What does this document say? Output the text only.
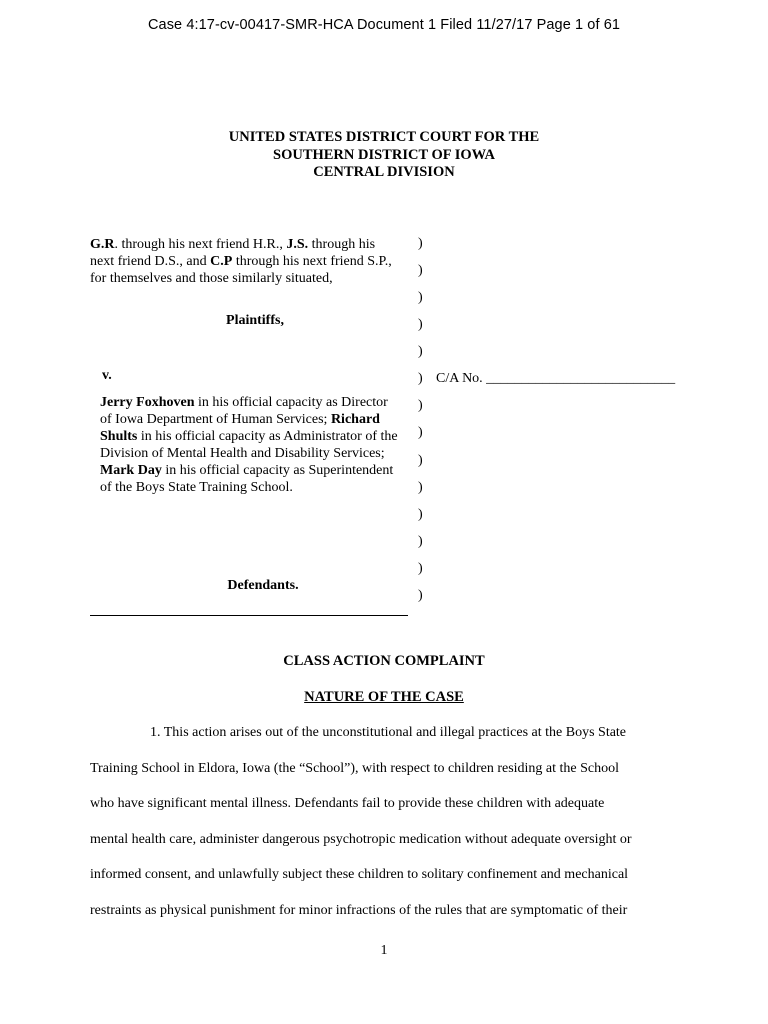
Case 4:17-cv-00417-SMR-HCA Document 1 Filed 11/27/17 Page 1 of 61
UNITED STATES DISTRICT COURT FOR THE
SOUTHERN DISTRICT OF IOWA
CENTRAL DIVISION
G.R. through his next friend H.R., J.S. through his next friend D.S., and C.P through his next friend S.P., for themselves and those similarly situated,
Plaintiffs,
v.
Jerry Foxhoven in his official capacity as Director of Iowa Department of Human Services; Richard Shults in his official capacity as Administrator of the Division of Mental Health and Disability Services; Mark Day in his official capacity as Superintendent of the Boys State Training School.
Defendants.
)
)
)
)
)
)
)
)
)
)
)
)
)
)
C/A No. ___________________________
CLASS ACTION COMPLAINT
NATURE OF THE CASE
1. This action arises out of the unconstitutional and illegal practices at the Boys State
Training School in Eldora, Iowa (the “School”), with respect to children residing at the School
who have significant mental illness. Defendants fail to provide these children with adequate
mental health care, administer dangerous psychotropic medication without adequate oversight or
informed consent, and unlawfully subject these children to solitary confinement and mechanical
restraints as physical punishment for minor infractions of the rules that are symptomatic of their
1
